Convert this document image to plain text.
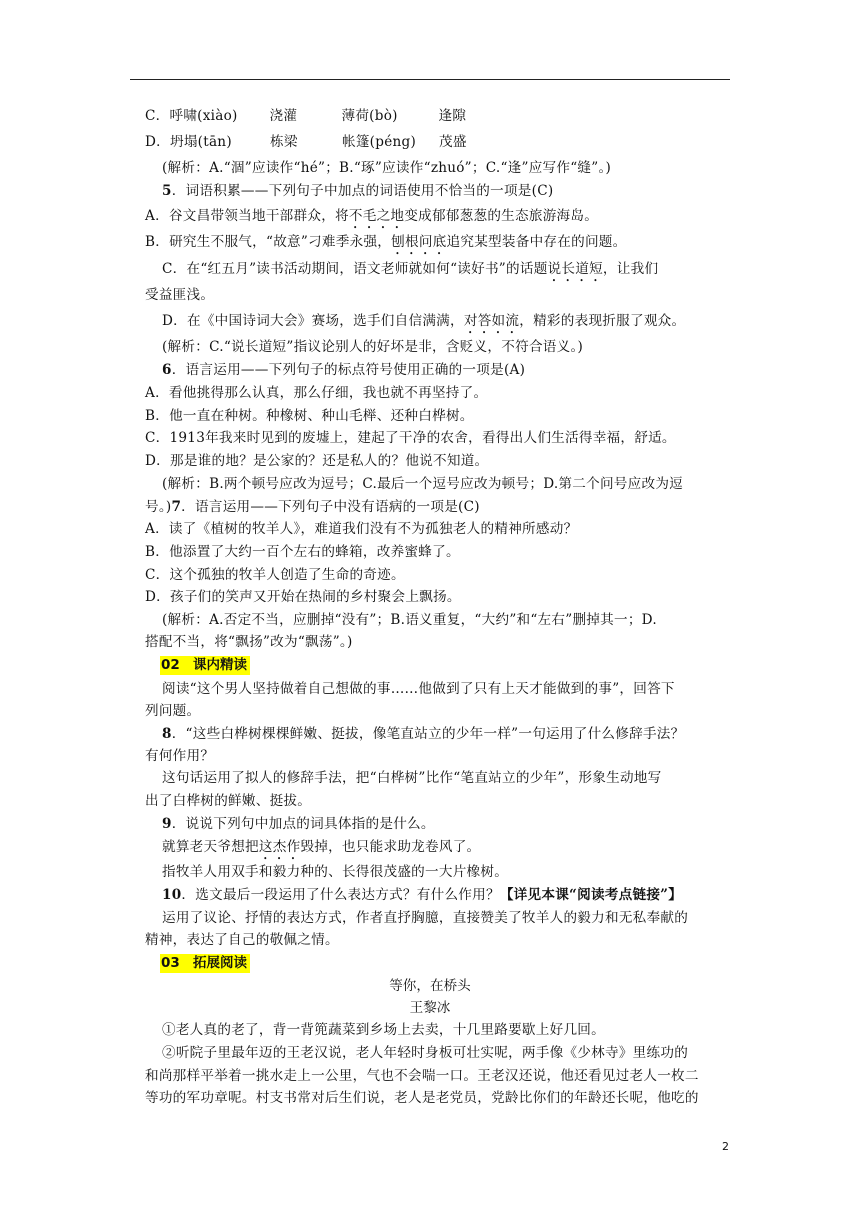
C．呼啸(xiào) 浇灌	薄荷(bò)	逢隙
D．坍塌(tān)	栋梁	帐篷(péng) 茂盛
(解析：A.“涸”应读作“hé”；B.“琢”应读作“zhuó”；C.“逢”应写作“缝”。)
5．词语积累——下列句子中加点的词语使用不恰当的一项是(C)
A．谷文昌带领当地干部群众，将不毛之地变成郁郁葱葱的生态旅游海岛。
B．研究生不服气，“故意”刁难季永强，刨根问底追究某型装备中存在的问题。
C．在“红五月”读书活动期间，语文老师就如何“读好书”的话题说长道短，让我们
受益匪浅。
D．在《中国诗词大会》赛场，选手们自信满满，对答如流，精彩的表现折服了观众。
(解析：C.“说长道短”指议论别人的好坏是非，含贬义，不符合语义。)
6．语言运用——下列句子的标点符号使用正确的一项是(A)
A．看他挑得那么认真，那么仔细，我也就不再坚持了。
B．他一直在种树。种橡树、种山毛榉、还种白桦树。
C．1913年我来时见到的废墟上，建起了干净的农舍，看得出人们生活得幸福，舒适。
D．那是谁的地？是公家的？还是私人的？他说不知道。
(解析：B.两个顿号应改为逗号；C.最后一个逗号应改为顿号；D.第二个问号应改为逗
号。)7．语言运用——下列句子中没有语病的一项是(C)
A．读了《植树的牧羊人》，难道我们没有不为孤独老人的精神所感动？
B．他添置了大约一百个左右的蜂箱，改养蜜蜂了。
C．这个孤独的牧羊人创造了生命的奇迹。
D．孩子们的笑声又开始在热闹的乡村聚会上飘扬。
(解析：A.否定不当，应删掉“没有”；B.语义重复，“大约”和“左右”删掉其一；D.
搭配不当，将“飘扬”改为“飘荡”。)
02 课内精读
阅读“这个男人坚持做着自己想做的事……他做到了只有上天才能做到的事”，回答下
列问题。
8．“这些白桦树棵棵鲜嫩、挺拔，像笔直站立的少年一样”一句运用了什么修辞手法？
有何作用？
这句话运用了拟人的修辞手法，把“白桦树”比作“笔直站立的少年”，形象生动地写
出了白桦树的鲜嫩、挺拔。
9．说说下列句中加点的词具体指的是什么。
就算老天爷想把这杰作毁掉，也只能求助龙卷风了。
指牧羊人用双手和毅力种的、长得很茂盛的一大片橡树。
10．选文最后一段运用了什么表达方式？有什么作用？【详见本课“阅读考点链接”】
运用了议论、抒情的表达方式，作者直抒胸臆，直接赞美了牧羊人的毅力和无私奉献的
精神，表达了自己的敬佩之情。
03 拓展阅读
等你，在桥头
王黎冰
①老人真的老了，背一背篼蔬菜到乡场上去卖，十几里路要歇上好几回。
②听院子里最年迈的王老汉说，老人年轻时身板可壮实呢，两手像《少林寺》里练功的
和尚那样平举着一挑水走上一公里，气也不会喘一口。王老汉还说，他还看见过老人一枚二
等功的军功章呢。村支书常对后生们说，老人是老党员，党龄比你们的年龄还长呢，他吃的
2
